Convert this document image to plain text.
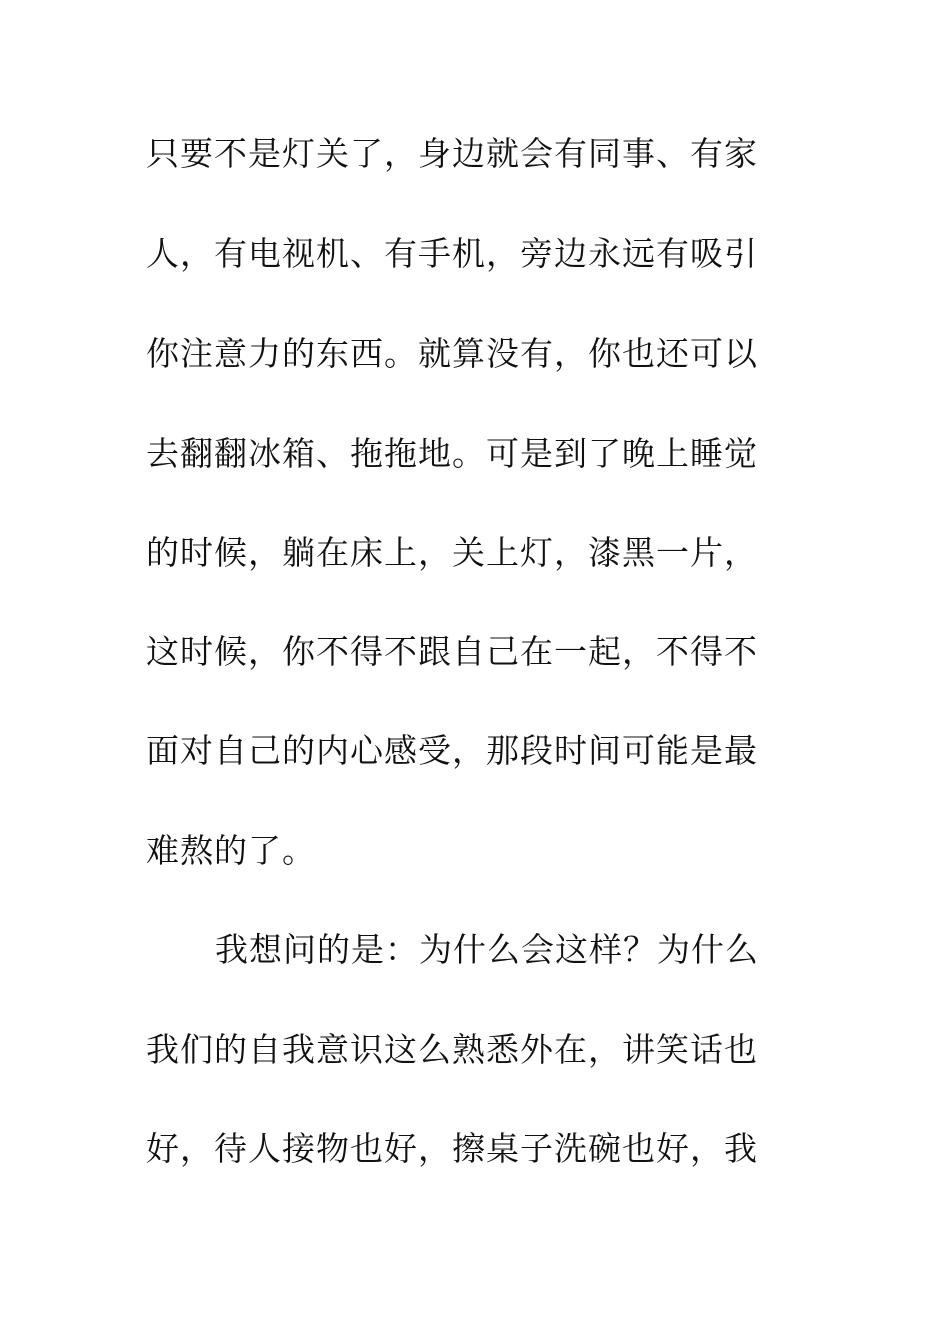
只要不是灯关了，身边就会有同事、有家
人，有电视机、有手机，旁边永远有吸引
你注意力的东西。就算没有，你也还可以
去翻翻冰箱、拖拖地。可是到了晚上睡觉
的时候，躺在床上，关上灯，漆黑一片，
这时候，你不得不跟自己在一起，不得不
面对自己的内心感受，那段时间可能是最
难熬的了。
我想问的是：为什么会这样？为什么
我们的自我意识这么熟悉外在，讲笑话也
好，待人接物也好，擦桌子洗碗也好，我
